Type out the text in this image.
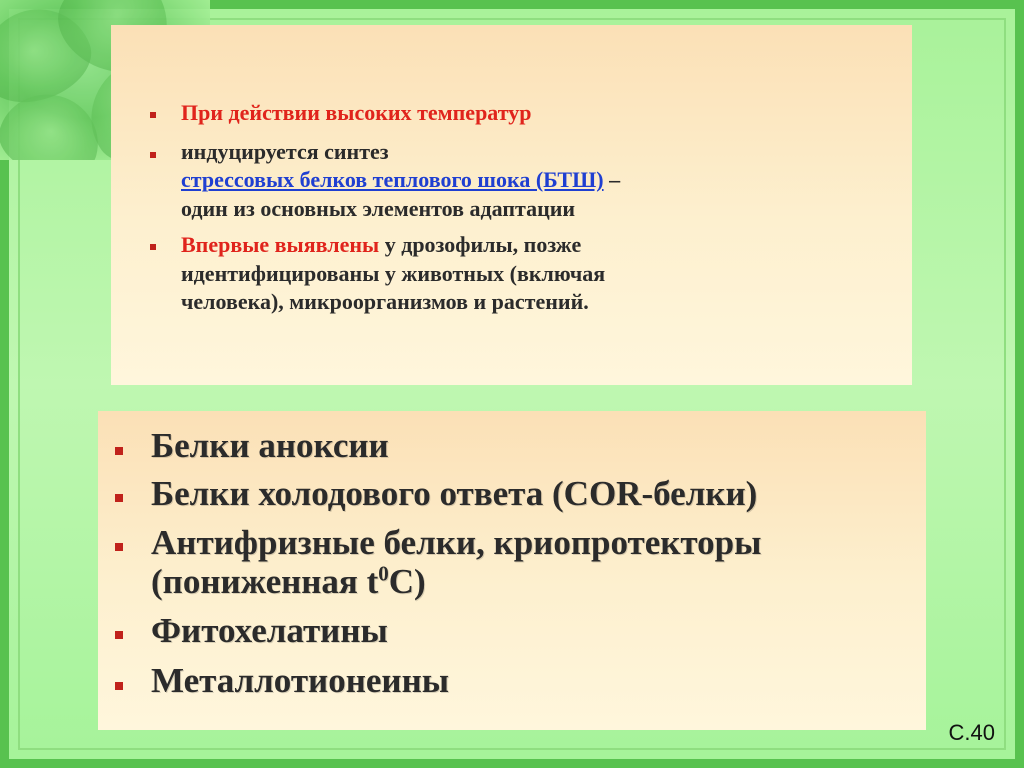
При действии высоких температур
индуцируется синтез
стрессовых белков теплового шока (БТШ) –
один из основных элементов адаптации
Впервые выявлены у дрозофилы, позже
идентифицированы у животных (включая
человека), микроорганизмов и растений.
Белки аноксии
Белки холодового ответа (COR-белки)
Антифризные белки, криопротекторы
(пониженная $t^0C$)
Фитохелатины
Металлотионеины
С.40
